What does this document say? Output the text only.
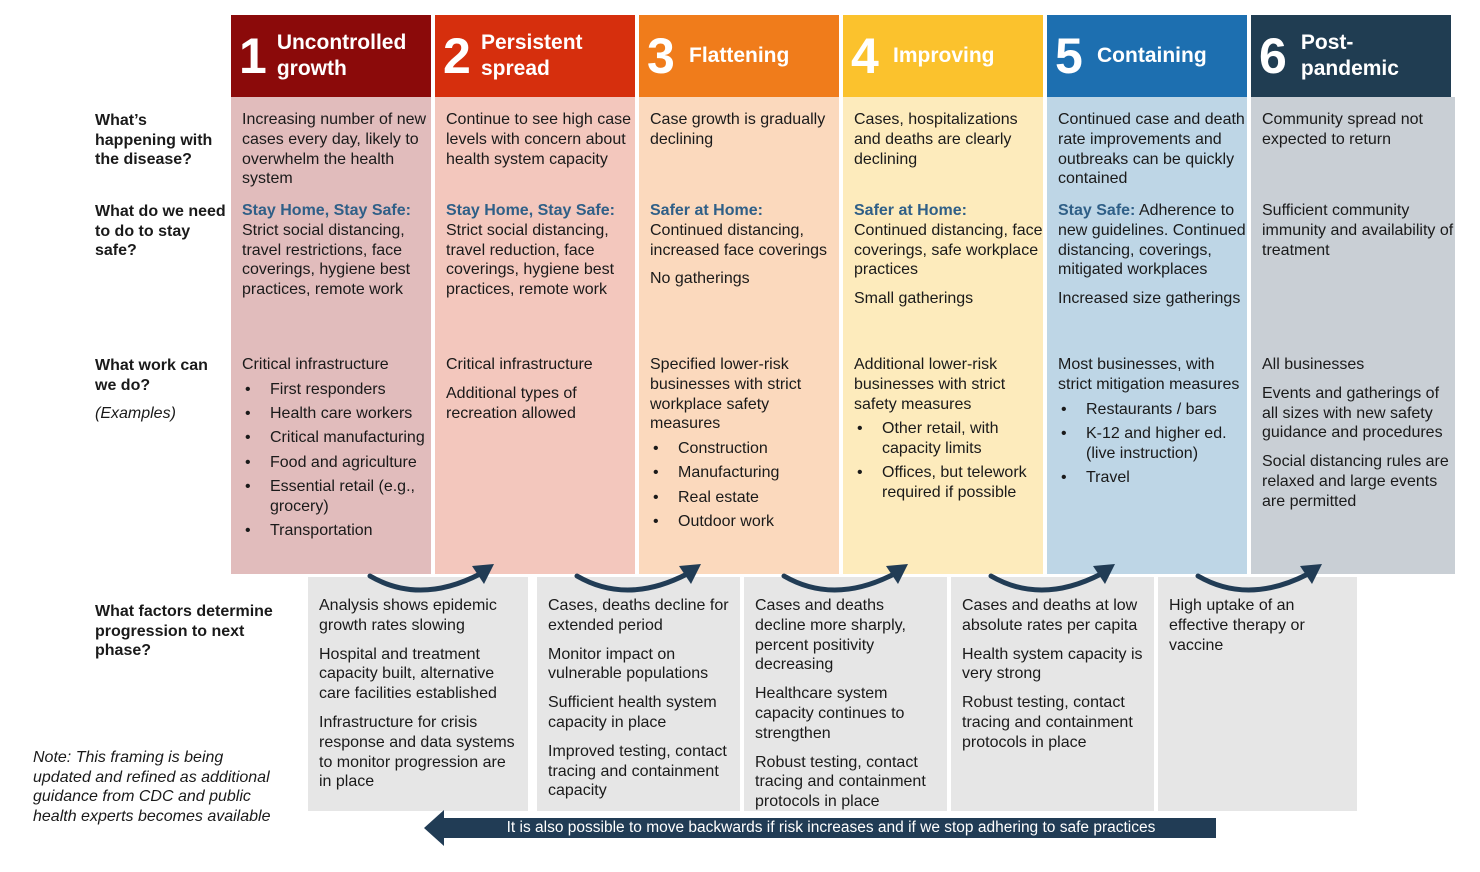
What’s happening with the disease?
What do we need to do to stay safe?
What work can we do?
(Examples)
What factors determine progression to next phase?
1 Uncontrolled growth	2 Persistent spread	3 Flattening 4 Improving 5 Containing 6 Post-pandemic
Increasing number of new cases every day, likely to overwhelm the health system
Stay Home, Stay Safe:
Strict social distancing, travel restrictions, face coverings, hygiene best practices, remote work

Critical infrastructure

• First responders
• Health care workers
• Critical manufacturing
• Food and agriculture
• Essential retail (e.g., grocery)
• Transportation
Continue to see high case levels with concern about health system capacity
Stay Home, Stay Safe:
Strict social distancing, travel reduction, face coverings, hygiene best practices, remote work

Critical infrastructure

Additional types of recreation allowed

Case growth is gradually declining

Safer at Home:
Continued distancing, increased face coverings

No gatherings

Specified lower-risk businesses with strict workplace safety measures

• Construction
• Manufacturing
• Real estate
• Outdoor work
Cases, hospitalizations and deaths are clearly declining

Safer at Home:
Continued distancing, face coverings, safe workplace practices

Small gatherings

Additional lower-risk businesses with strict safety measures

• Other retail, with capacity limits
• Offices, but telework required if possible
Continued case and death rate improvements and outbreaks can be quickly contained

Stay Safe: Adherence to new guidelines. Continued distancing, coverings, mitigated workplaces

Increased size gatherings

Most businesses, with strict mitigation measures

• Restaurants / bars
• K-12 and higher ed. (live instruction)
• Travel
Community spread not expected to return
Sufficient community immunity and availability of treatment

All businesses

Events and gatherings of all sizes with new safety guidance and procedures

Social distancing rules are relaxed and large events are permitted

Analysis shows epidemic growth rates slowing

Hospital and treatment capacity built, alternative care facilities established

Infrastructure for crisis response and data systems to monitor progression are in place

Cases, deaths decline for extended period

Monitor impact on vulnerable populations

Sufficient health system capacity in place

Improved testing, contact tracing and containment capacity

Cases and deaths decline more sharply, percent positivity decreasing

Healthcare system capacity continues to strengthen

Robust testing, contact tracing and containment protocols in place

Cases and deaths at low absolute rates per capita

Health system capacity is very strong

Robust testing, contact tracing and containment protocols in place

High uptake of an effective therapy or vaccine

It is also possible to move backwards if risk increases and if we stop adhering to safe practices
Note: This framing is being updated and refined as additional guidance from CDC and public health experts becomes available
